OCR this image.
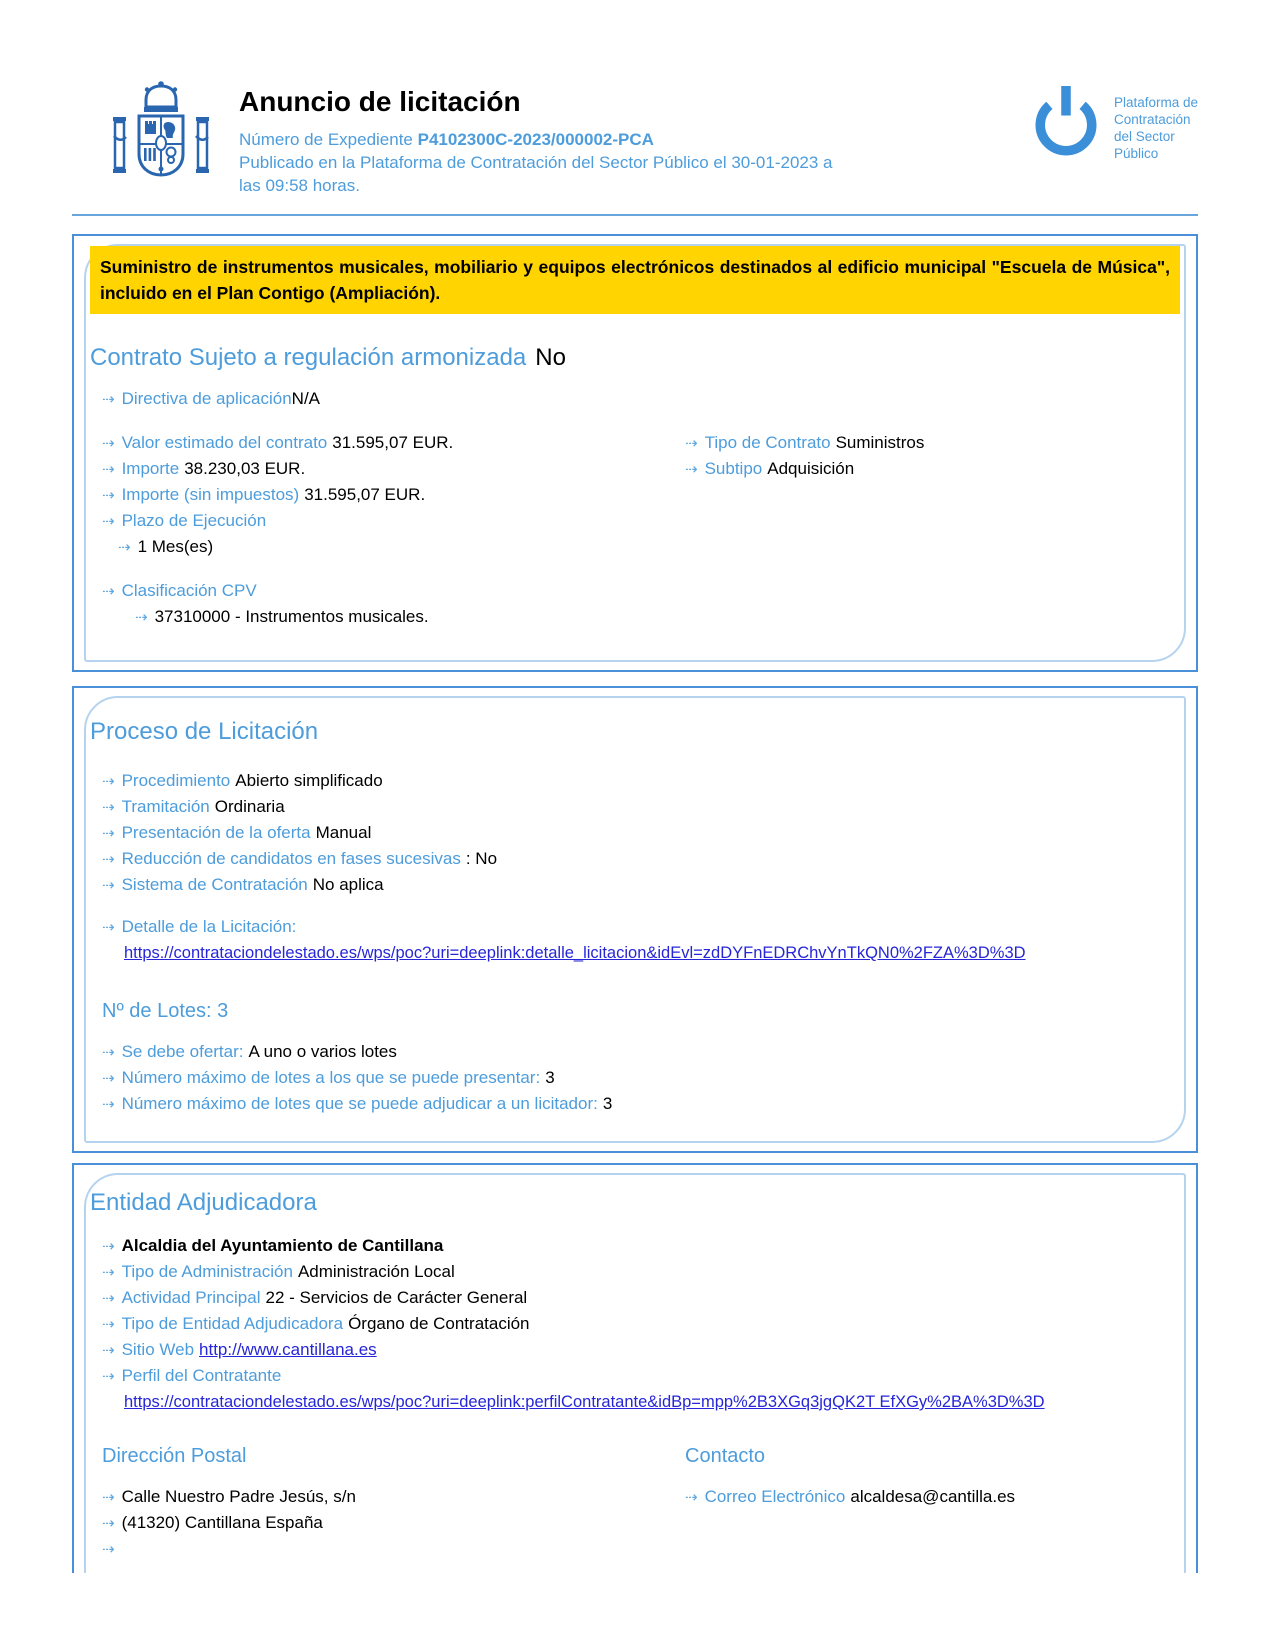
Anuncio de licitación
Número de Expediente P4102300C-2023/000002-PCA
Publicado en la Plataforma de Contratación del Sector Público el 30-01-2023 a
las 09:58 horas.
Plataforma de
Contratación
del Sector
Público
Suministro de instrumentos musicales, mobiliario y equipos electrónicos destinados al edificio municipal "Escuela de Música", incluido en el Plan Contigo (Ampliación).
Contrato Sujeto a regulación armonizada No
⇢ Directiva de aplicaciónN/A
⇢ Valor estimado del contrato 31.595,07 EUR.
⇢ Importe 38.230,03 EUR.
⇢ Importe (sin impuestos) 31.595,07 EUR.
⇢ Plazo de Ejecución
⇢ 1 Mes(es)
⇢ Tipo de Contrato Suministros
⇢ Subtipo Adquisición
⇢ Clasificación CPV
⇢ 37310000 - Instrumentos musicales.
Proceso de Licitación
⇢ Procedimiento Abierto simplificado
⇢ Tramitación Ordinaria
⇢ Presentación de la oferta Manual
⇢ Reducción de candidatos en fases sucesivas : No
⇢ Sistema de Contratación No aplica
⇢ Detalle de la Licitación:
https://contrataciondelestado.es/wps/poc?uri=deeplink:detalle_licitacion&idEvl=zdDYFnEDRChvYnTkQN0%2FZA%3D%3D
Nº de Lotes: 3
⇢ Se debe ofertar: A uno o varios lotes
⇢ Número máximo de lotes a los que se puede presentar: 3
⇢ Número máximo de lotes que se puede adjudicar a un licitador: 3
Entidad Adjudicadora
⇢ Alcaldia del Ayuntamiento de Cantillana
⇢ Tipo de Administración Administración Local
⇢ Actividad Principal 22 - Servicios de Carácter General
⇢ Tipo de Entidad Adjudicadora Órgano de Contratación
⇢ Sitio Web http://www.cantillana.es
⇢ Perfil del Contratante
https://contrataciondelestado.es/wps/poc?uri=deeplink:perfilContratante&idBp=mpp%2B3XGq3jgQK2T EfXGy%2BA%3D%3D
Dirección Postal
⇢ Calle Nuestro Padre Jesús, s/n
⇢ (41320) Cantillana España
⇢
Contacto
⇢ Correo Electrónico alcaldesa@cantilla.es
